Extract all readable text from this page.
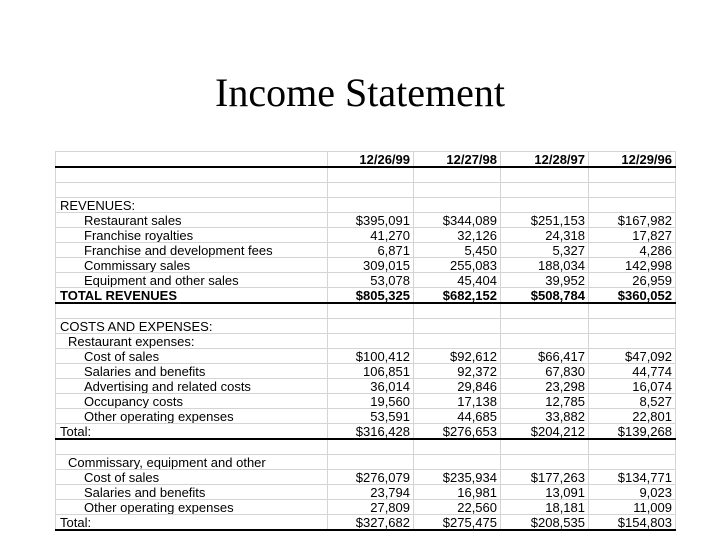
Income Statement
	12/26/99	12/27/98	12/28/97	12/29/96

REVENUES:				
Restaurant sales	$395,091	$344,089	$251,153	$167,982
Franchise royalties	41,270	32,126	24,318	17,827
Franchise and development fees	6,871	5,450	5,327	4,286
Commissary sales	309,015	255,083	188,034	142,998
Equipment and other sales	53,078	45,404	39,952	26,959
TOTAL REVENUES	$805,325	$682,152	$508,784	$360,052

COSTS AND EXPENSES:				
Restaurant expenses:				
Cost of sales	$100,412	$92,612	$66,417	$47,092
Salaries and benefits	106,851	92,372	67,830	44,774
Advertising and related costs	36,014	29,846	23,298	16,074
Occupancy costs	19,560	17,138	12,785	8,527
Other operating expenses	53,591	44,685	33,882	22,801
Total:	$316,428	$276,653	$204,212	$139,268

Commissary, equipment and other				
Cost of sales	$276,079	$235,934	$177,263	$134,771
Salaries and benefits	23,794	16,981	13,091	9,023
Other operating expenses	27,809	22,560	18,181	11,009
Total:	$327,682	$275,475	$208,535	$154,803
